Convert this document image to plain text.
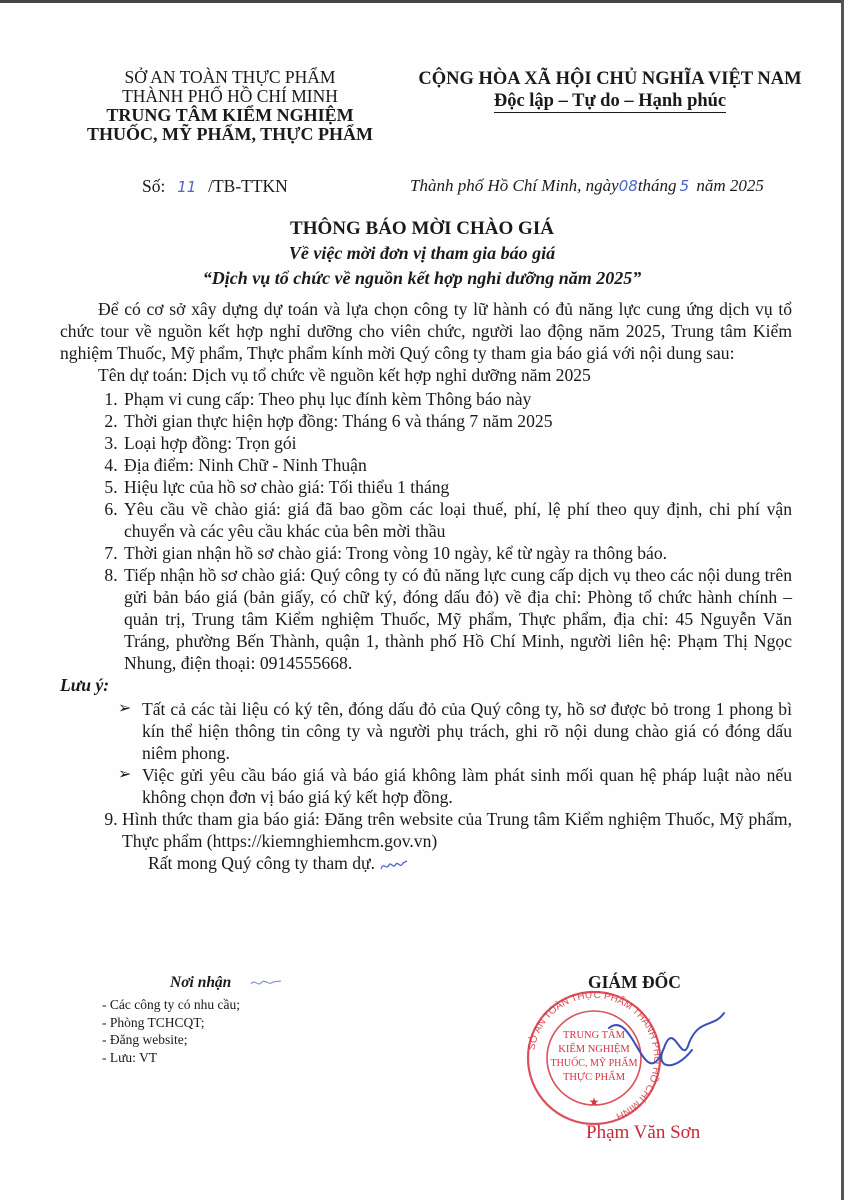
SỞ AN TOÀN THỰC PHẨM
THÀNH PHỐ HỒ CHÍ MINH
TRUNG TÂM KIỂM NGHIỆM
THUỐC, MỸ PHẨM, THỰC PHẨM
CỘNG HÒA XÃ HỘI CHỦ NGHĨA VIỆT NAM
Độc lập – Tự do – Hạnh phúc
Số: 11 /TB-TTKN	Thành phố Hồ Chí Minh, ngày08tháng 5 năm 2025
THÔNG BÁO MỜI CHÀO GIÁ
Về việc mời đơn vị tham gia báo giá
“Dịch vụ tổ chức về nguồn kết hợp nghỉ dưỡng năm 2025”

Để có cơ sở xây dựng dự toán và lựa chọn công ty lữ hành có đủ năng lực cung ứng dịch vụ tổ chức tour về nguồn kết hợp nghỉ dưỡng cho viên chức, người lao động năm 2025, Trung tâm Kiểm nghiệm Thuốc, Mỹ phẩm, Thực phẩm kính mời Quý công ty tham gia báo giá với nội dung sau:

Tên dự toán: Dịch vụ tổ chức về nguồn kết hợp nghỉ dưỡng năm 2025

1. Phạm vi cung cấp: Theo phụ lục đính kèm Thông báo này
2. Thời gian thực hiện hợp đồng: Tháng 6 và tháng 7 năm 2025
3. Loại hợp đồng: Trọn gói
4. Địa điểm: Ninh Chữ - Ninh Thuận
5. Hiệu lực của hồ sơ chào giá: Tối thiểu 1 tháng
6. Yêu cầu về chào giá: giá đã bao gồm các loại thuế, phí, lệ phí theo quy định, chi phí vận chuyển và các yêu cầu khác của bên mời thầu
7. Thời gian nhận hồ sơ chào giá: Trong vòng 10 ngày, kể từ ngày ra thông báo.
8. Tiếp nhận hồ sơ chào giá: Quý công ty có đủ năng lực cung cấp dịch vụ theo các nội dung trên gửi bản báo giá (bản giấy, có chữ ký, đóng dấu đỏ) về địa chỉ: Phòng tổ chức hành chính – quản trị, Trung tâm Kiểm nghiệm Thuốc, Mỹ phẩm, Thực phẩm, địa chỉ: 45 Nguyễn Văn Tráng, phường Bến Thành, quận 1, thành phố Hồ Chí Minh, người liên hệ: Phạm Thị Ngọc Nhung, điện thoại: 0914555668.

Lưu ý:

➢ Tất cả các tài liệu có ký tên, đóng dấu đỏ của Quý công ty, hồ sơ được bỏ trong 1 phong bì kín thể hiện thông tin công ty và người phụ trách, ghi rõ nội dung chào giá có đóng dấu niêm phong.
➢ Việc gửi yêu cầu báo giá và báo giá không làm phát sinh mối quan hệ pháp luật nào nếu không chọn đơn vị báo giá ký kết hợp đồng.
9. Hình thức tham gia báo giá: Đăng trên website của Trung tâm Kiểm nghiệm Thuốc, Mỹ phẩm, Thực phẩm (https://kiemnghiemhcm.gov.vn)

Rất mong Quý công ty tham dự.

Nơi nhận
- Các công ty có nhu cầu;
- Phòng TCHCQT;
- Đăng website;
- Lưu: VT
GIÁM ĐỐC
SỞ AN TOÀN THỰC PHẨM THÀNH PHỐ HỒ CHÍ MINH
TRUNG TÂM
KIỂM NGHIỆM
THUỐC, MỸ PHẨM
THỰC PHẨM
★
Phạm Văn Sơn
